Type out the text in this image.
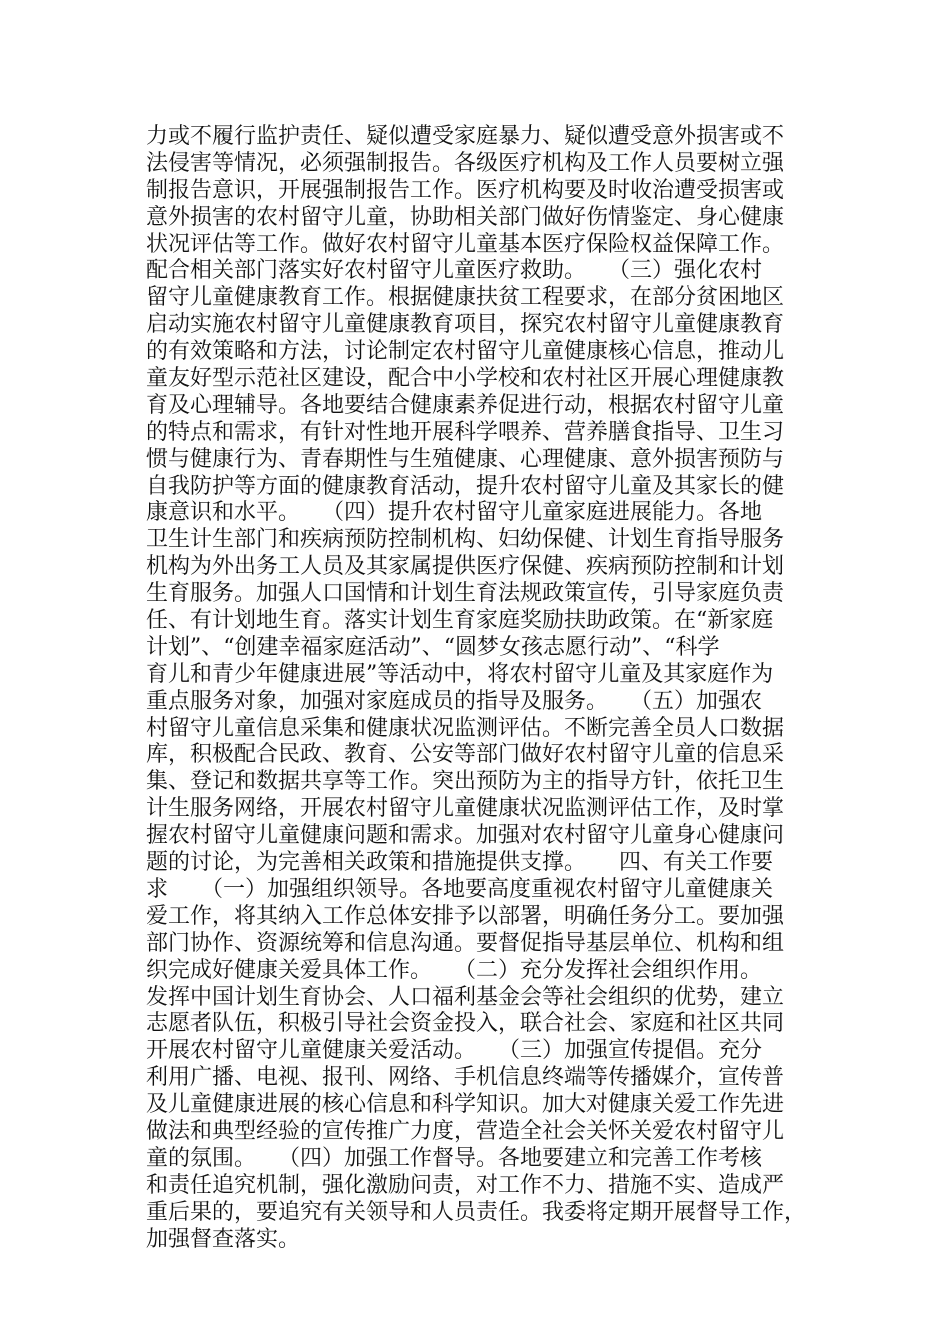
力或不履行监护责任、疑似遭受家庭暴力、疑似遭受意外损害或不
法侵害等情况，必须强制报告。各级医疗机构及工作人员要树立强
制报告意识，开展强制报告工作。医疗机构要及时收治遭受损害或
意外损害的农村留守儿童，协助相关部门做好伤情鉴定、身心健康
状况评估等工作。做好农村留守儿童基本医疗保险权益保障工作。
配合相关部门落实好农村留守儿童医疗救助。　　（三）强化农村
留守儿童健康教育工作。根据健康扶贫工程要求，在部分贫困地区
启动实施农村留守儿童健康教育项目，探究农村留守儿童健康教育
的有效策略和方法，讨论制定农村留守儿童健康核心信息，推动儿
童友好型示范社区建设，配合中小学校和农村社区开展心理健康教
育及心理辅导。各地要结合健康素养促进行动，根据农村留守儿童
的特点和需求，有针对性地开展科学喂养、营养膳食指导、卫生习
惯与健康行为、青春期性与生殖健康、心理健康、意外损害预防与
自我防护等方面的健康教育活动，提升农村留守儿童及其家长的健
康意识和水平。　　（四）提升农村留守儿童家庭进展能力。各地
卫生计生部门和疾病预防控制机构、妇幼保健、计划生育指导服务
机构为外出务工人员及其家属提供医疗保健、疾病预防控制和计划
生育服务。加强人口国情和计划生育法规政策宣传，引导家庭负责
任、有计划地生育。落实计划生育家庭奖励扶助政策。在“新家庭
计划”、“创建幸福家庭活动”、“圆梦女孩志愿行动”、“科学
育儿和青少年健康进展”等活动中，将农村留守儿童及其家庭作为
重点服务对象，加强对家庭成员的指导及服务。　　（五）加强农
村留守儿童信息采集和健康状况监测评估。不断完善全员人口数据
库，积极配合民政、教育、公安等部门做好农村留守儿童的信息采
集、登记和数据共享等工作。突出预防为主的指导方针，依托卫生
计生服务网络，开展农村留守儿童健康状况监测评估工作，及时掌
握农村留守儿童健康问题和需求。加强对农村留守儿童身心健康问
题的讨论，为完善相关政策和措施提供支撑。　　四、有关工作要
求　　（一）加强组织领导。各地要高度重视农村留守儿童健康关
爱工作，将其纳入工作总体安排予以部署，明确任务分工。要加强
部门协作、资源统筹和信息沟通。要督促指导基层单位、机构和组
织完成好健康关爱具体工作。　　（二）充分发挥社会组织作用。
发挥中国计划生育协会、人口福利基金会等社会组织的优势，建立
志愿者队伍，积极引导社会资金投入，联合社会、家庭和社区共同
开展农村留守儿童健康关爱活动。　　（三）加强宣传提倡。充分
利用广播、电视、报刊、网络、手机信息终端等传播媒介，宣传普
及儿童健康进展的核心信息和科学知识。加大对健康关爱工作先进
做法和典型经验的宣传推广力度，营造全社会关怀关爱农村留守儿
童的氛围。　　（四）加强工作督导。各地要建立和完善工作考核
和责任追究机制，强化激励问责，对工作不力、措施不实、造成严
重后果的，要追究有关领导和人员责任。我委将定期开展督导工作，
加强督查落实。
